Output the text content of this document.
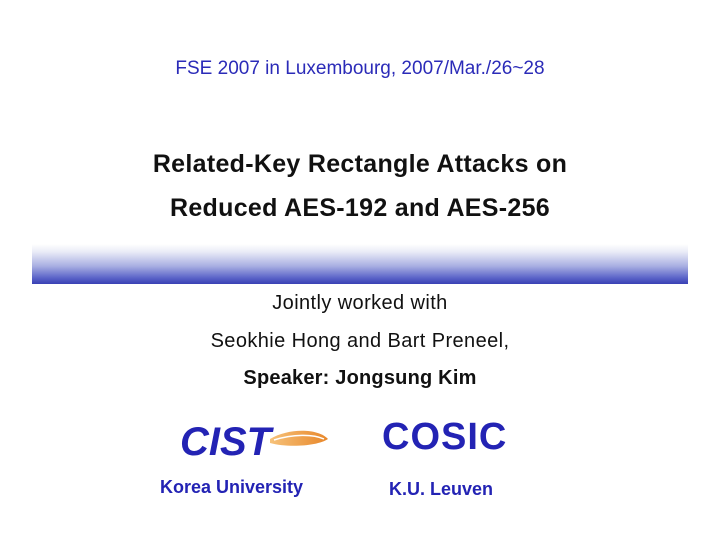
FSE 2007 in Luxembourg, 2007/Mar./26~28
Related-Key Rectangle Attacks on
Reduced AES-192 and AES-256
Jointly worked with
Seokhie Hong and Bart Preneel,
Speaker: Jongsung Kim
CIST	COSIC
Korea University	K.U. Leuven
